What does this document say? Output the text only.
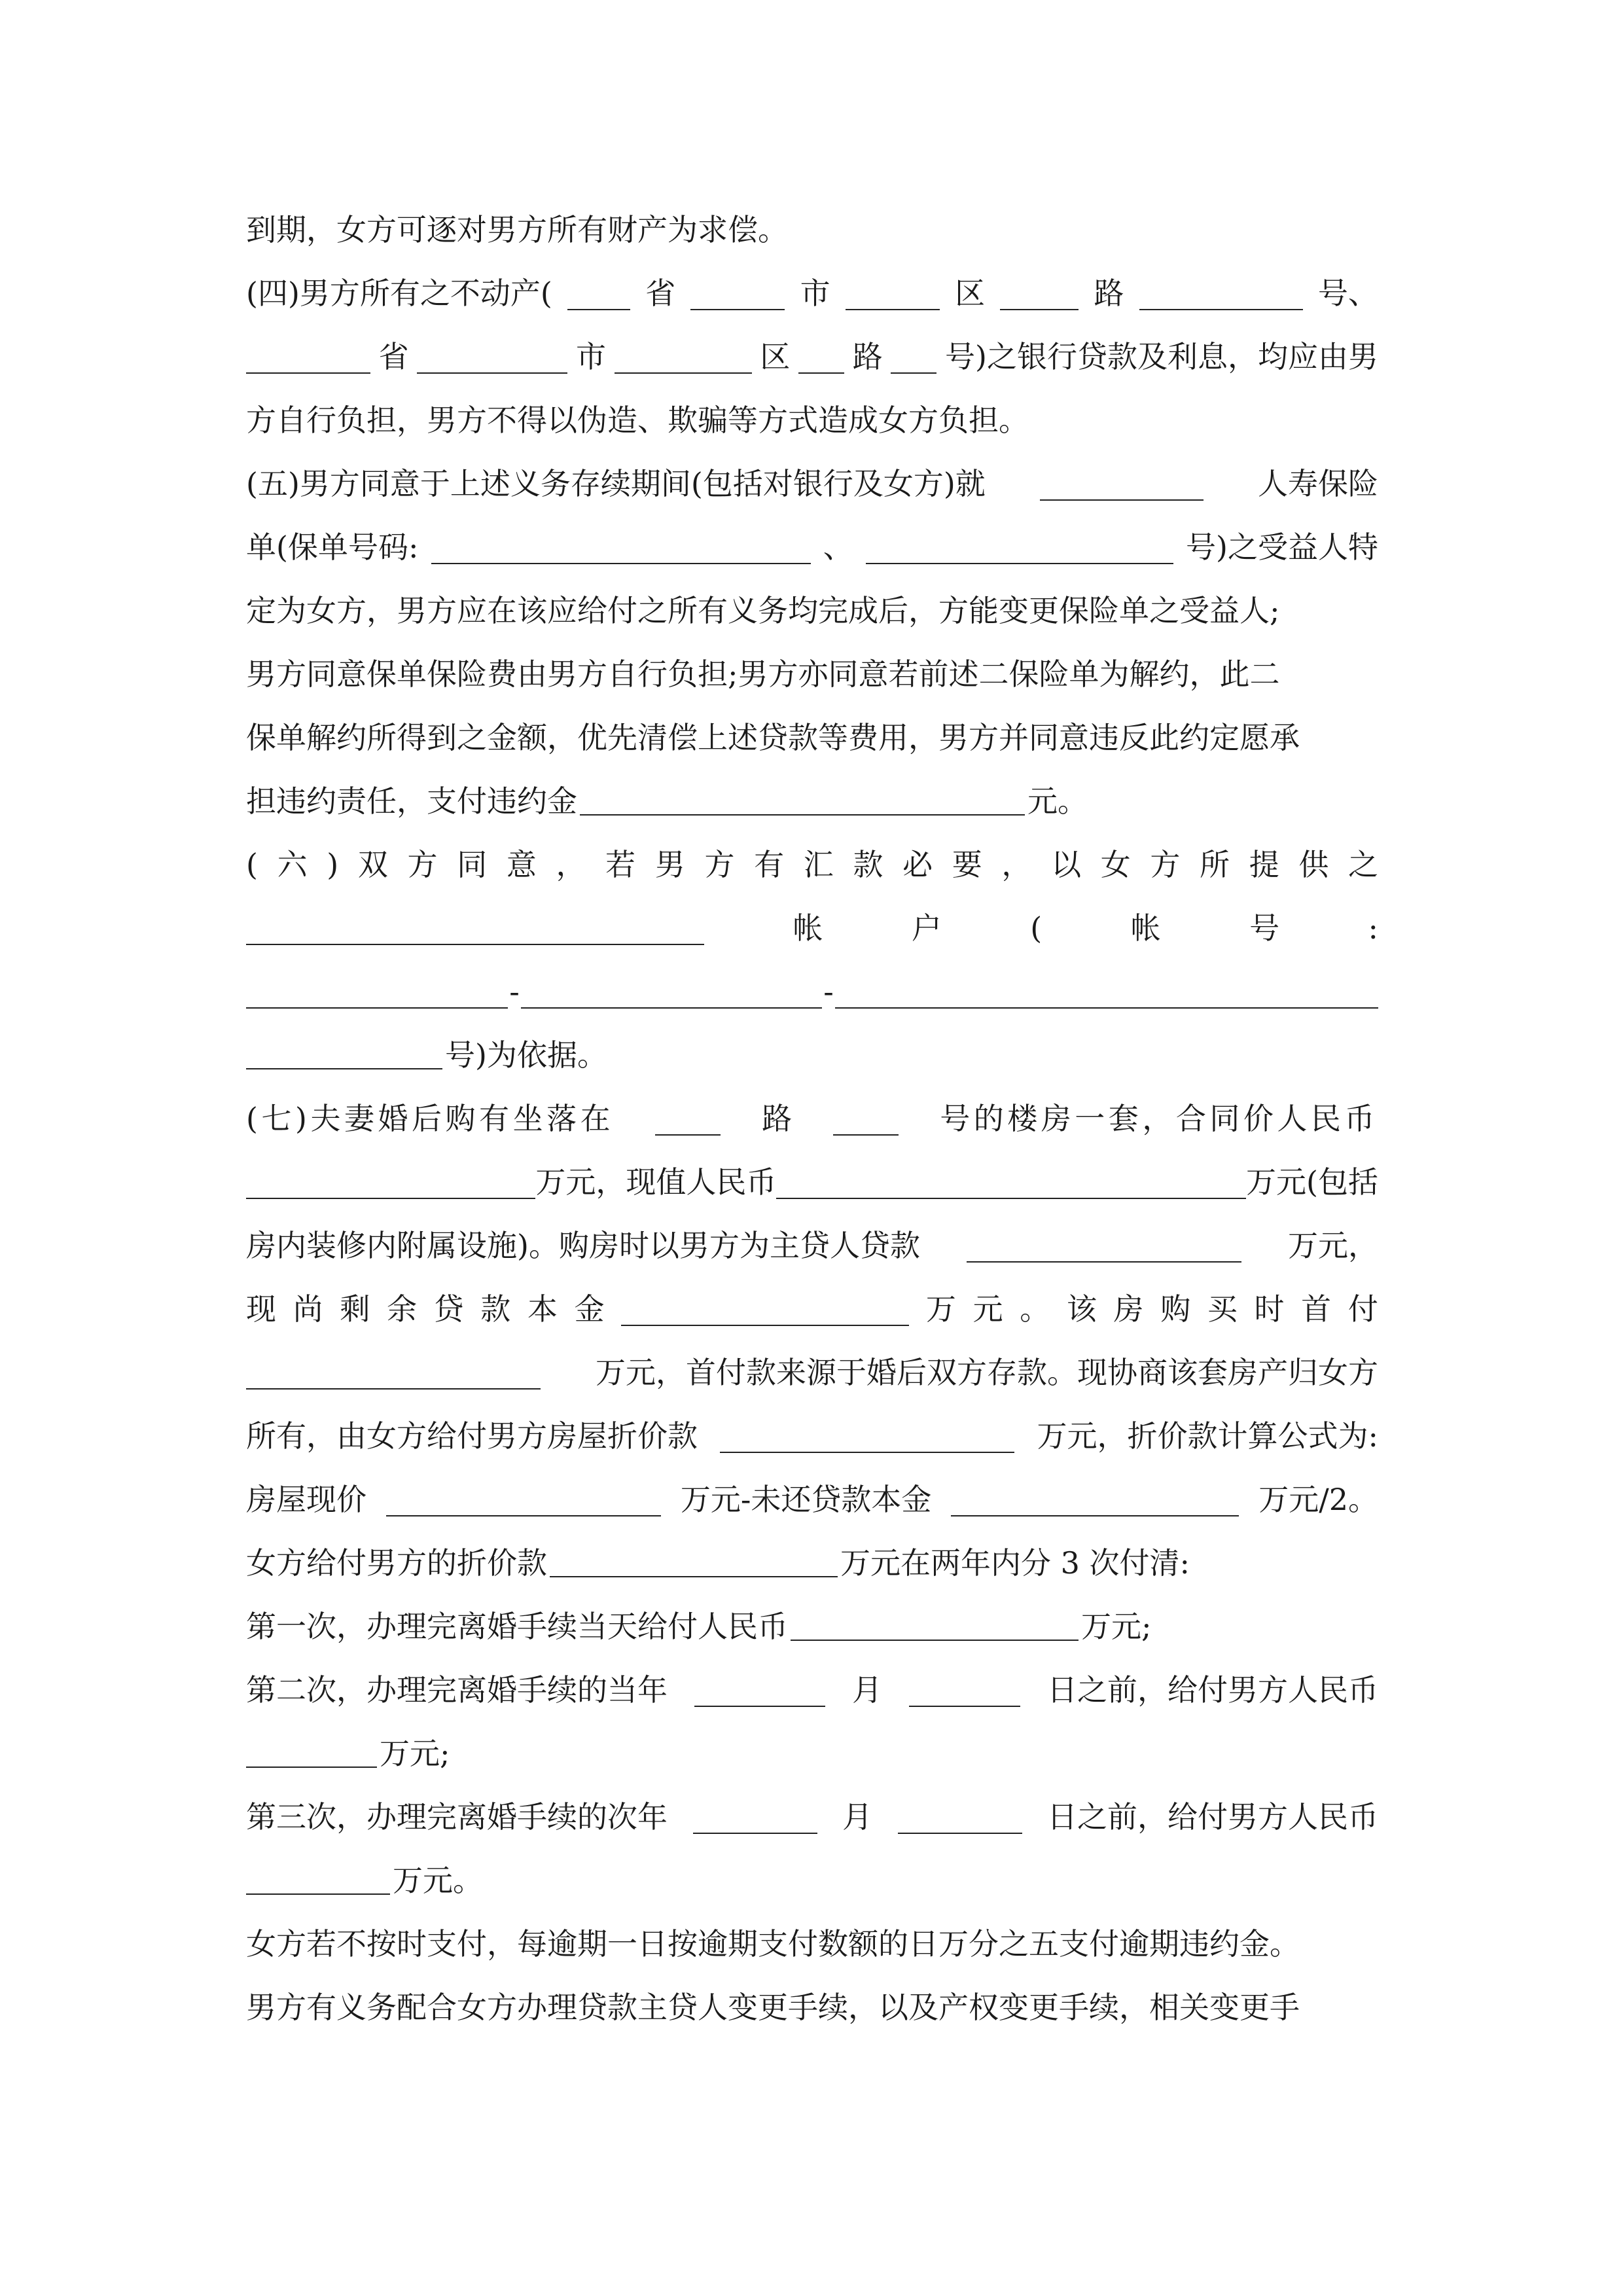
到期，女方可逐对男方所有财产为求偿。
(四)男方所有之不动产(	省	市	区	路	号、
省	市	区 路 号)之银行贷款及利息，均应由男
方自行负担，男方不得以伪造、欺骗等方式造成女方负担。
(五)男方同意于上述义务存续期间(包括对银行及女方)就	人寿保险
单(保单号码:	、	号)之受益人特
定为女方，男方应在该应给付之所有义务均完成后，方能变更保险单之受益人;
男方同意保单保险费由男方自行负担;男方亦同意若前述二保险单为解约，此二
保单解约所得到之金额，优先清偿上述贷款等费用，男方并同意违反此约定愿承
担违约责任，支付违约金	元。
( 六 ) 双 方 同 意 ， 若 男 方 有 汇 款 必 要 ， 以 女 方 所 提 供 之
帐	户	(	帐	号	:
-	-
号)为依据。
(七)夫妻婚后购有坐落在	路	号的楼房一套，合同价人民币
万元，现值人民币	万元(包括
房内装修内附属设施)。购房时以男方为主贷人贷款	万元，
现 尚 剩 余 贷 款 本 金	万 元 。 该 房 购 买 时 首 付
万元，首付款来源于婚后双方存款。现协商该套房产归女方
所有，由女方给付男方房屋折价款	万元，折价款计算公式为:
房屋现价	万元-未还贷款本金	万元/2。
女方给付男方的折价款	万元在两年内分 3 次付清:
第一次，办理完离婚手续当天给付人民币	万元;
第二次，办理完离婚手续的当年	月	日之前，给付男方人民币
万元;
第三次，办理完离婚手续的次年	月	日之前，给付男方人民币
万元。
女方若不按时支付，每逾期一日按逾期支付数额的日万分之五支付逾期违约金。
男方有义务配合女方办理贷款主贷人变更手续，以及产权变更手续，相关变更手
